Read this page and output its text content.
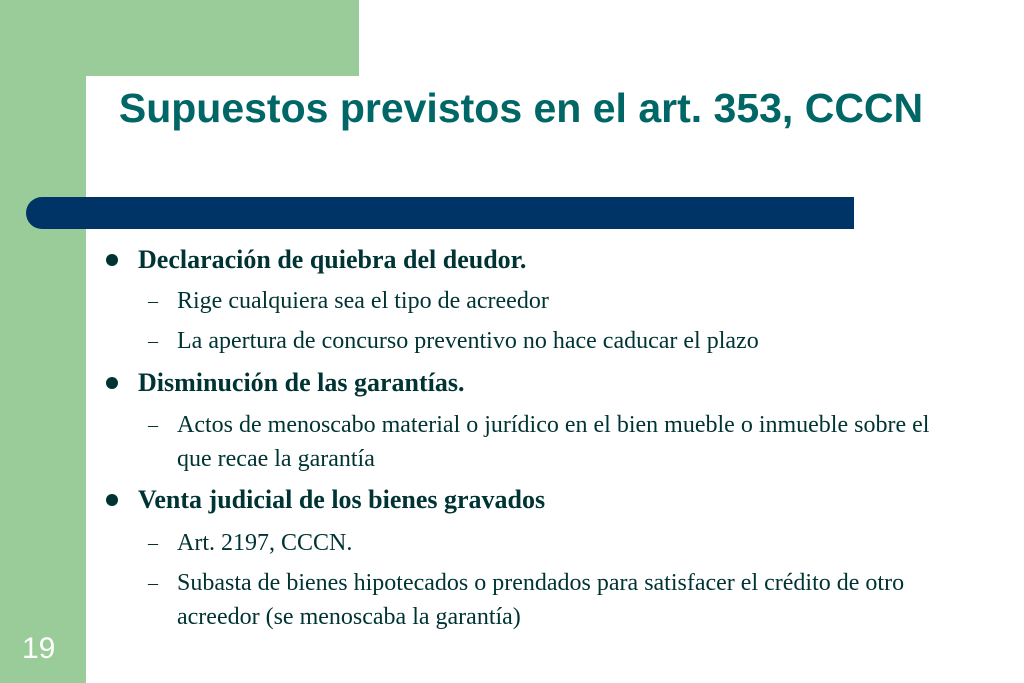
Supuestos previstos en el art. 353, CCCN
Declaración de quiebra del deudor.
– Rige cualquiera sea el tipo de acreedor
– La apertura de concurso preventivo no hace caducar el plazo
Disminución de las garantías.
– Actos de menoscabo material o jurídico en el bien mueble o inmueble sobre el que recae la garantía
Venta judicial de los bienes gravados
– Art. 2197, CCCN.
– Subasta de bienes hipotecados o prendados para satisfacer el crédito de otro acreedor (se menoscaba la garantía)
19
